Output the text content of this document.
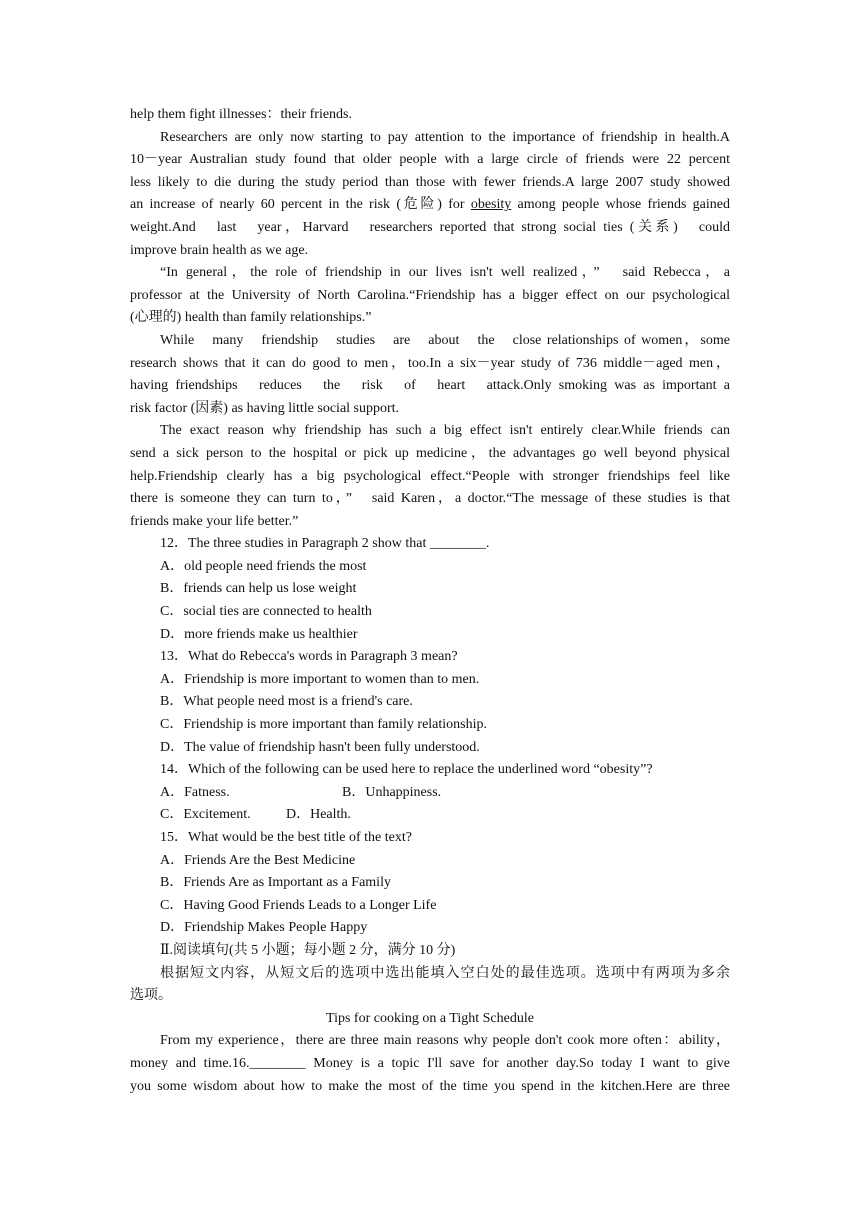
help them fight illnesses：their friends.
Researchers are only now starting to pay attention to the importance of friendship in health.A
10－year Australian study found that older people with a large circle of friends were 22 percent
less likely to die during the study period than those with fewer friends.A large 2007 study showed
an increase of nearly 60 percent in the risk (危险) for obesity among people whose friends gained
weight.And　last　year，Harvard　researchers reported that strong social ties (关系)　could
improve brain health as we age.
“In general，the role of friendship in our lives isn't well realized，”　said Rebecca，a
professor at the University of North Carolina.“Friendship has a bigger effect on our psychological
(心理的) health than family relationships.”
While　many　friendship　studies　are　about　the　close relationships of women，some
research shows that it can do good to men，too.In a six－year study of 736 middle－aged men，
having friendships　reduces　the　risk　of　heart　attack.Only smoking was as important a
risk factor (因素) as having little social support.
The exact reason why friendship has such a big effect isn't entirely clear.While friends can
send a sick person to the hospital or pick up medicine，the advantages go well beyond physical
help.Friendship clearly has a big psychological effect.“People with stronger friendships feel like
there is someone they can turn to，”　said Karen，a doctor.“The message of these studies is that
friends make your life better.”
12．The three studies in Paragraph 2 show that ________.
A．old people need friends the most
B．friends can help us lose weight
C．social ties are connected to health
D．more friends make us healthier
13．What do Rebecca's words in Paragraph 3 mean?
A．Friendship is more important to women than to men.
B．What people need most is a friend's care.
C．Friendship is more important than family relationship.
D．The value of friendship hasn't been fully understood.
14．Which of the following can be used here to replace the underlined word “obesity”?
A．Fatness.	B．Unhappiness.
C．Excitement.	D．Health.
15．What would be the best title of the text?
A．Friends Are the Best Medicine
B．Friends Are as Important as a Family
C．Having Good Friends Leads to a Longer Life
D．Friendship Makes People Happy
Ⅱ.阅读填句(共 5 小题；每小题 2 分，满分 10 分)
根据短文内容，从短文后的选项中选出能填入空白处的最佳选项。选项中有两项为多余
选项。
Tips for cooking on a Tight Schedule
From my experience，there are three main reasons why people don't cook more often：ability，
money and time.16.________ Money is a topic I'll save for another day.So today I want to give
you some wisdom about how to make the most of the time you spend in the kitchen.Here are three
